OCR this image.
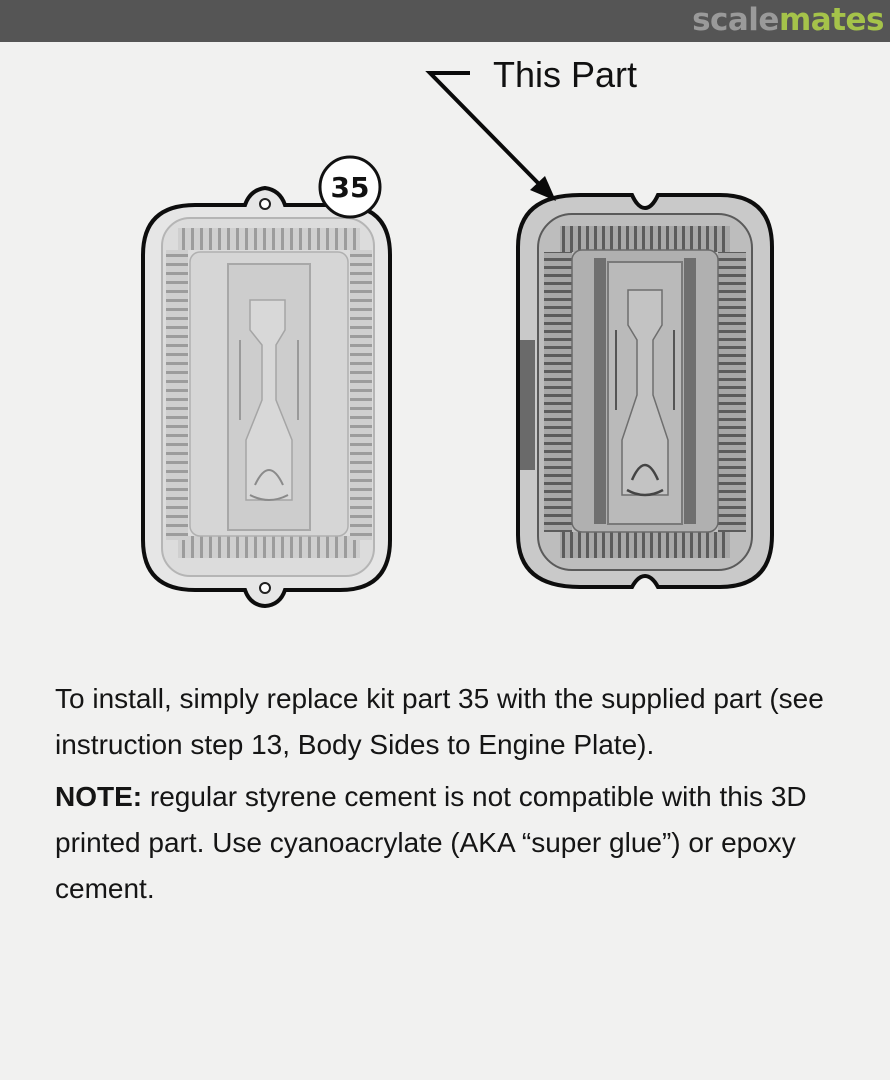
scalemates
This Part
35

To install, simply replace kit part 35 with the supplied part (see instruction step 13, Body Sides to Engine Plate).

NOTE: regular styrene cement is not compatible with this 3D printed part. Use cyanoacrylate (AKA “super glue”) or epoxy cement.
